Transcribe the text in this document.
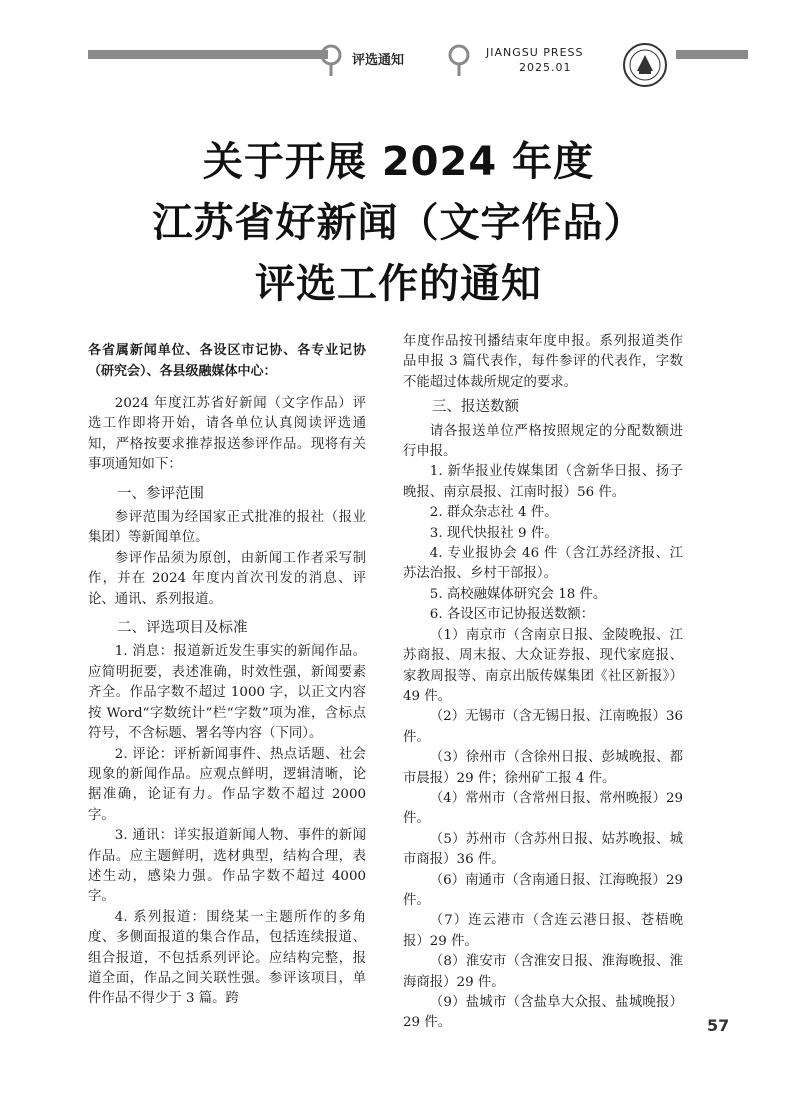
评选通知
JIANGSU PRESS
2025.01
关于开展 2024 年度
江苏省好新闻（文字作品）
评选工作的通知

各省属新闻单位、各设区市记协、各专业记协（研究会）、各县级融媒体中心：

2024 年度江苏省好新闻（文字作品）评选工作即将开始，请各单位认真阅读评选通知，严格按要求推荐报送参评作品。现将有关事项通知如下：

一、参评范围

参评范围为经国家正式批准的报社（报业集团）等新闻单位。

参评作品须为原创，由新闻工作者采写制作，并在 2024 年度内首次刊发的消息、评论、通讯、系列报道。

二、评选项目及标准

1. 消息：报道新近发生事实的新闻作品。应简明扼要，表述准确，时效性强，新闻要素齐全。作品字数不超过 1000 字，以正文内容按 Word“字数统计”栏“字数”项为准，含标点符号，不含标题、署名等内容（下同）。

2. 评论：评析新闻事件、热点话题、社会现象的新闻作品。应观点鲜明，逻辑清晰，论据准确，论证有力。作品字数不超过 2000 字。

3. 通讯：详实报道新闻人物、事件的新闻作品。应主题鲜明，选材典型，结构合理，表述生动，感染力强。作品字数不超过 4000 字。

4. 系列报道：围绕某一主题所作的多角度、多侧面报道的集合作品，包括连续报道、组合报道，不包括系列评论。应结构完整，报道全面，作品之间关联性强。参评该项目，单件作品不得少于 3 篇。跨

年度作品按刊播结束年度申报。系列报道类作品申报 3 篇代表作，每件参评的代表作，字数不能超过体裁所规定的要求。

三、报送数额

请各报送单位严格按照规定的分配数额进行申报。

1. 新华报业传媒集团（含新华日报、扬子晚报、南京晨报、江南时报）56 件。

2. 群众杂志社 4 件。

3. 现代快报社 9 件。

4. 专业报协会 46 件（含江苏经济报、江苏法治报、乡村干部报）。

5. 高校融媒体研究会 18 件。

6. 各设区市记协报送数额：

（1）南京市（含南京日报、金陵晚报、江苏商报、周末报、大众证券报、现代家庭报、家教周报等、南京出版传媒集团《社区新报》）49 件。

（2）无锡市（含无锡日报、江南晚报）36 件。

（3）徐州市（含徐州日报、彭城晚报、都市晨报）29 件；徐州矿工报 4 件。

（4）常州市（含常州日报、常州晚报）29 件。

（5）苏州市（含苏州日报、姑苏晚报、城市商报）36 件。

（6）南通市（含南通日报、江海晚报）29 件。

（7）连云港市（含连云港日报、苍梧晚报）29 件。

（8）淮安市（含淮安日报、淮海晚报、淮海商报）29 件。

（9）盐城市（含盐阜大众报、盐城晚报）29 件。	57
